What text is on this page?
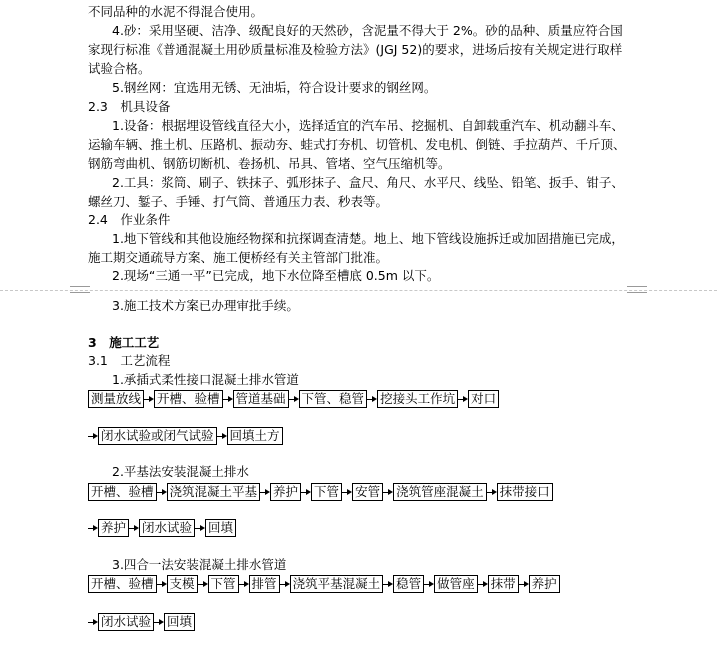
不同品种的水泥不得混合使用。
4.砂：采用坚硬、洁净、级配良好的天然砂，含泥量不得大于 2%。砂的品种、质量应符合国
家现行标准《普通混凝土用砂质量标准及检验方法》(JGJ 52)的要求，进场后按有关规定进行取样
试验合格。
5.钢丝网：宜选用无锈、无油垢，符合设计要求的钢丝网。
2.3　机具设备
1.设备：根据埋设管线直径大小，选择适宜的汽车吊、挖掘机、自卸载重汽车、机动翻斗车、
运输车辆、推土机、压路机、振动夯、蛙式打夯机、切管机、发电机、倒链、手拉葫芦、千斤顶、
钢筋弯曲机、钢筋切断机、卷扬机、吊具、管堵、空气压缩机等。
2.工具：浆筒、刷子、铁抹子、弧形抹子、盒尺、角尺、水平尺、线坠、铅笔、扳手、钳子、
螺丝刀、錾子、手锤、打气筒、普通压力表、秒表等。
2.4　作业条件
1.地下管线和其他设施经物探和抗探调查清楚。地上、地下管线设施拆迁或加固措施已完成，
施工期交通疏导方案、施工便桥经有关主管部门批准。
2.现场“三通一平”已完成，地下水位降至槽底 0.5m 以下。
3.施工技术方案已办理审批手续。
3　施工工艺
3.1　工艺流程
1.承插式柔性接口混凝土排水管道
测量放线 开槽、验槽 管道基础 下管、稳管 挖接头工作坑 对口
闭水试验或闭气试验 回填土方
2.平基法安装混凝土排水
开槽、验槽 浇筑混凝土平基 养护 下管 安管 浇筑管座混凝土 抹带接口
养护 闭水试验 回填
3.四合一法安装混凝土排水管道
开槽、验槽 支模 下管 排管 浇筑平基混凝土 稳管 做管座 抹带 养护
闭水试验 回填
